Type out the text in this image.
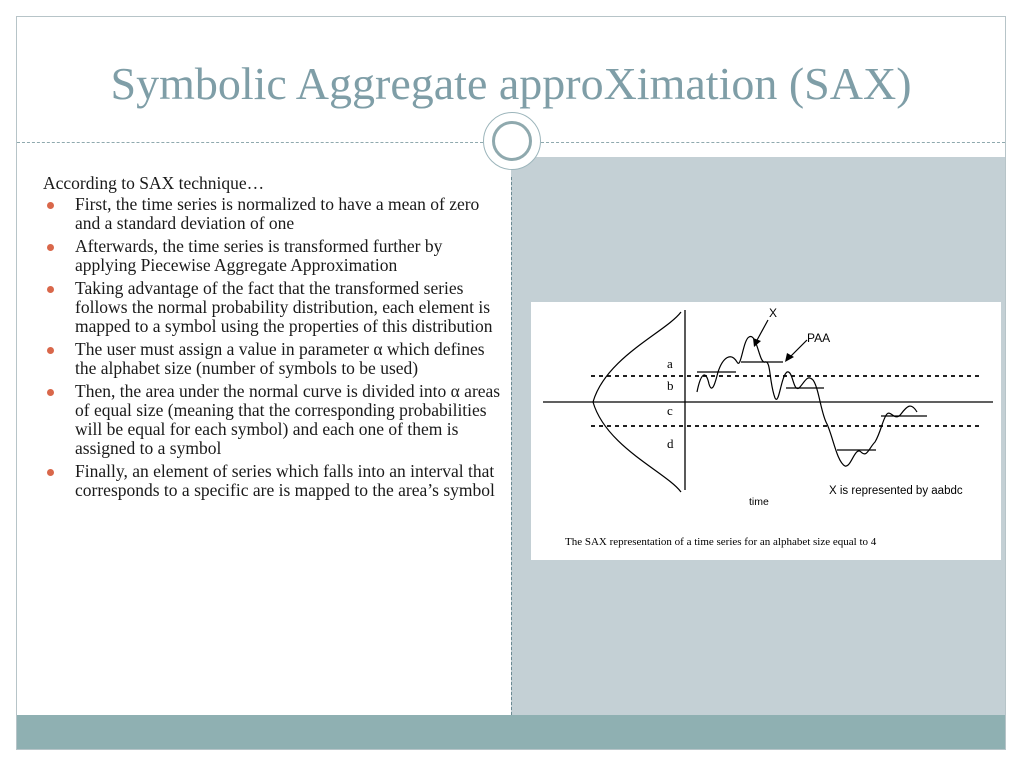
Symbolic Aggregate approXimation (SAX)

According to SAX technique…

First, the time series is normalized to have a mean of zero and a standard deviation of one
Afterwards, the time series is transformed further by applying Piecewise Aggregate Approximation
Taking advantage of the fact that the transformed series follows the normal probability distribution, each element is mapped to a symbol using the properties of this distribution
The user must assign a value in parameter α which defines the alphabet size (number of symbols to be used)
Then, the area under the normal curve is divided into α areas of equal size (meaning that the corresponding probabilities will be equal for each symbol) and each one of them is assigned to a symbol
Finally, an element of series which falls into an interval that corresponds to a specific are is mapped to the area’s symbol
a
b
c
d
X
PAA
time
X is represented by aabdc
The SAX representation of a time series for an alphabet size equal to 4
